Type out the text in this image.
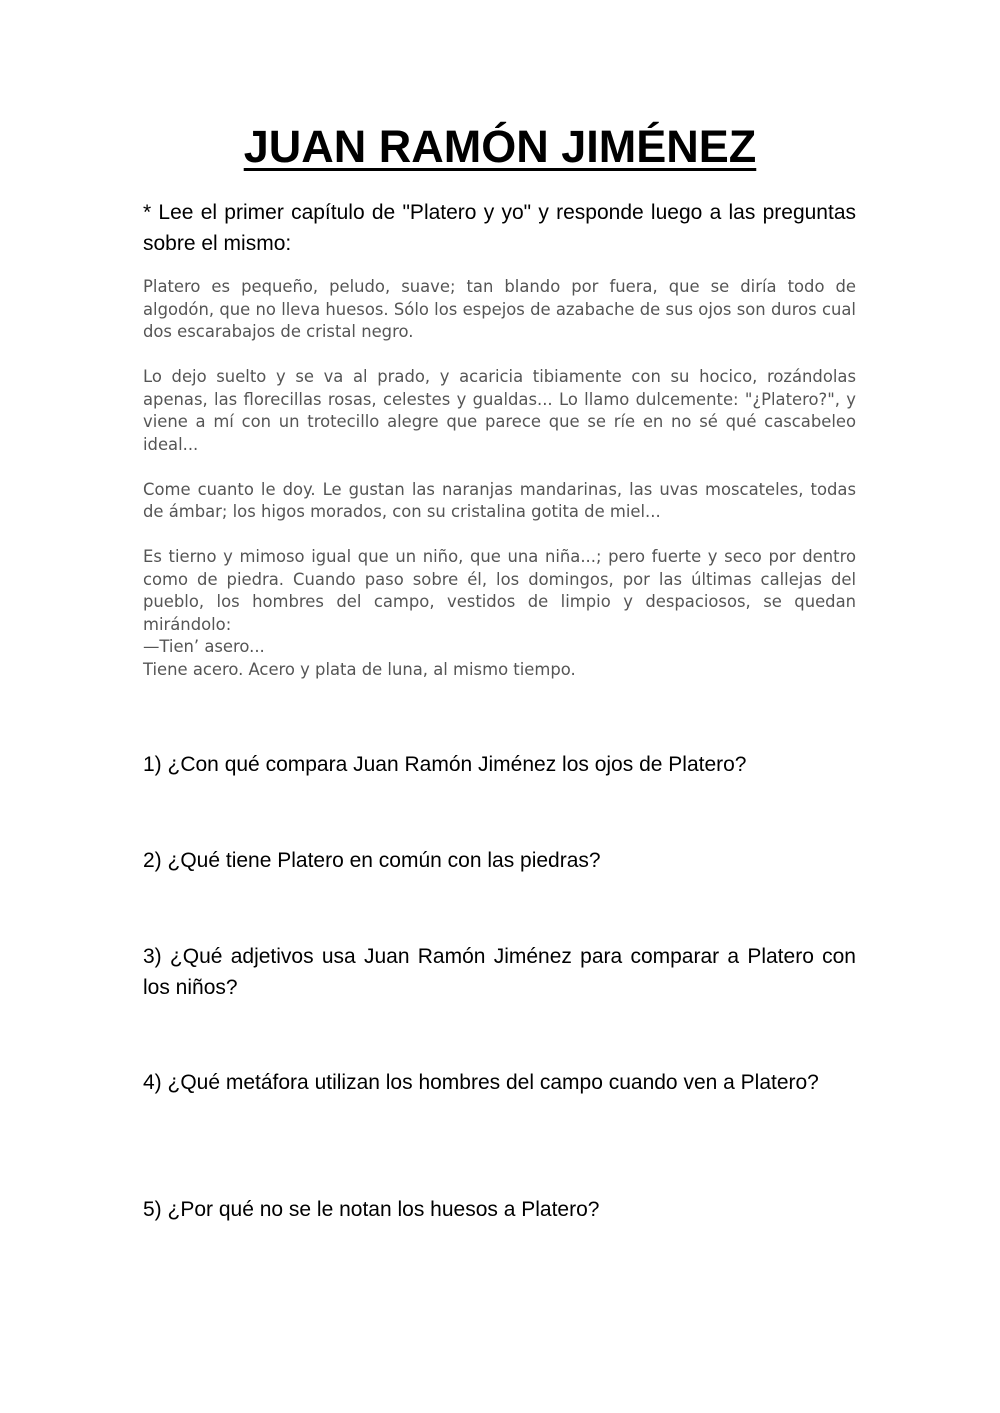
JUAN RAMÓN JIMÉNEZ

* Lee el primer capítulo de "Platero y yo" y responde luego a las preguntas sobre el mismo:

Platero es pequeño, peludo, suave; tan blando por fuera, que se diría todo de algodón, que no lleva huesos. Sólo los espejos de azabache de sus ojos son duros cual dos escarabajos de cristal negro.

Lo dejo suelto y se va al prado, y acaricia tibiamente con su hocico, rozándolas apenas, las florecillas rosas, celestes y gualdas... Lo llamo dulcemente: "¿Platero?", y viene a mí con un trotecillo alegre que parece que se ríe en no sé qué cascabeleo ideal...

Come cuanto le doy. Le gustan las naranjas mandarinas, las uvas moscateles, todas de ámbar; los higos morados, con su cristalina gotita de miel...

Es tierno y mimoso igual que un niño, que una niña...; pero fuerte y seco por dentro como de piedra. Cuando paso sobre él, los domingos, por las últimas callejas del pueblo, los hombres del campo, vestidos de limpio y despaciosos, se quedan mirándolo:
—Tien’ asero...
Tiene acero. Acero y plata de luna, al mismo tiempo.

1) ¿Con qué compara Juan Ramón Jiménez los ojos de Platero?

2) ¿Qué tiene Platero en común con las piedras?

3) ¿Qué adjetivos usa Juan Ramón Jiménez para comparar a Platero con los niños?

4) ¿Qué metáfora utilizan los hombres del campo cuando ven a Platero?

5) ¿Por qué no se le notan los huesos a Platero?
